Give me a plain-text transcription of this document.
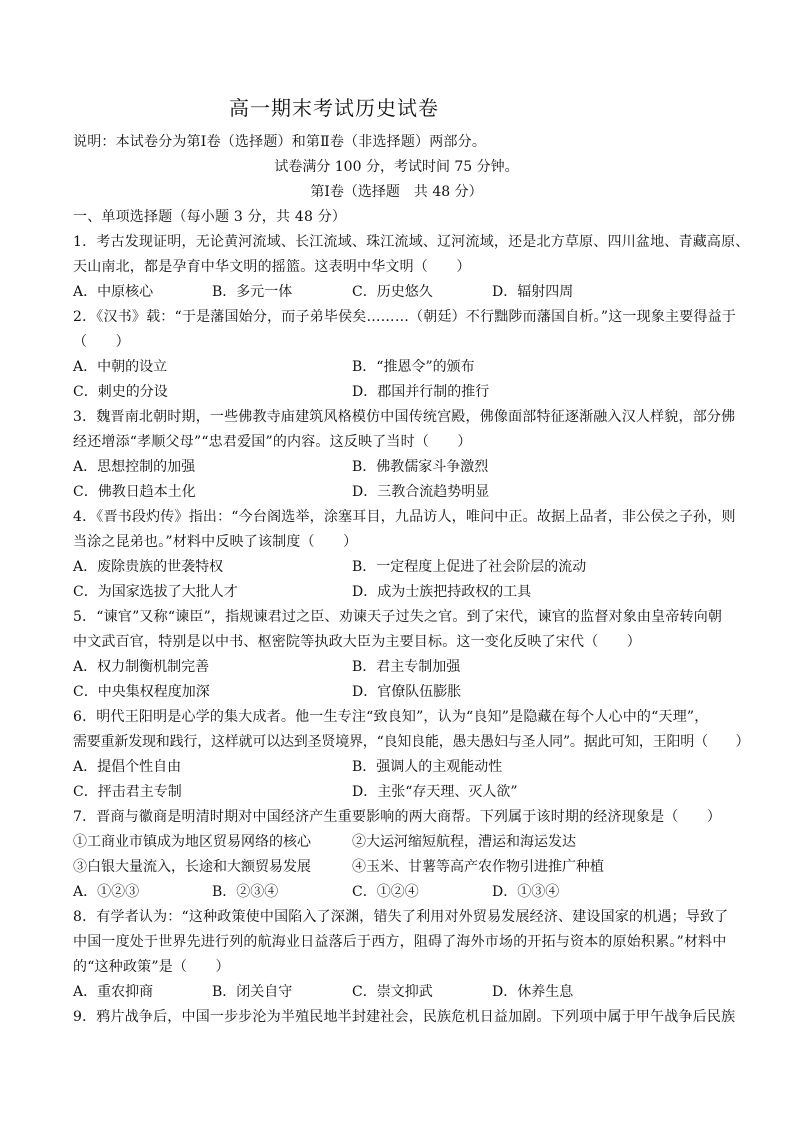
高一期末考试历史试卷
说明：本试卷分为第Ⅰ卷（选择题）和第Ⅱ卷（非选择题）两部分。
试卷满分 100 分，考试时间 75 分钟。
第Ⅰ卷（选择题　共 48 分）
一、单项选择题（每小题 3 分，共 48 分）
1．考古发现证明，无论黄河流域、长江流域、珠江流域、辽河流域，还是北方草原、四川盆地、青藏高原、
天山南北，都是孕育中华文明的摇篮。这表明中华文明（　　）
A．中原核心	B．多元一体	C．历史悠久	D．辐射四周
2．《汉书》载：“于是藩国始分，而子弟毕侯矣………（朝廷）不行黜陟而藩国自析。”这一现象主要得益于
（　　）
A．中朝的设立	B．“推恩令”的颁布
C．刺史的分设	D．郡国并行制的推行
3．魏晋南北朝时期，一些佛教寺庙建筑风格模仿中国传统宫殿，佛像面部特征逐渐融入汉人样貌，部分佛
经还增添“孝顺父母”“忠君爱国”的内容。这反映了当时（　　）
A．思想控制的加强	B．佛教儒家斗争激烈
C．佛教日趋本土化	D．三教合流趋势明显
4．《晋书段灼传》指出：“今台阁选举，涂塞耳目，九品访人，唯问中正。故据上品者，非公侯之子孙，则
当涂之昆弟也。”材料中反映了该制度（　　）
A．废除贵族的世袭特权	B．一定程度上促进了社会阶层的流动
C．为国家选拔了大批人才	D．成为士族把持政权的工具
5．“谏官”又称“谏臣”，指规谏君过之臣、劝谏天子过失之官。到了宋代，谏官的监督对象由皇帝转向朝
中文武百官，特别是以中书、枢密院等执政大臣为主要目标。这一变化反映了宋代（　　）
A．权力制衡机制完善	B．君主专制加强
C．中央集权程度加深	D．官僚队伍膨胀
6．明代王阳明是心学的集大成者。他一生专注“致良知”，认为“良知”是隐藏在每个人心中的“天理”，
需要重新发现和践行，这样就可以达到圣贤境界，“良知良能，愚夫愚妇与圣人同”。据此可知，王阳明（　　）
A．提倡个性自由	B．强调人的主观能动性
C．抨击君主专制	D．主张“存天理、灭人欲”
7．晋商与徽商是明清时期对中国经济产生重要影响的两大商帮。下列属于该时期的经济现象是（　　）
①工商业市镇成为地区贸易网络的核心	②大运河缩短航程，漕运和海运发达
③白银大量流入，长途和大额贸易发展	④玉米、甘薯等高产农作物引进推广种植
A．①②③	B．②③④	C．①②④	D．①③④
8．有学者认为：“这种政策使中国陷入了深渊，错失了利用对外贸易发展经济、建设国家的机遇；导致了
中国一度处于世界先进行列的航海业日益落后于西方，阻碍了海外市场的开拓与资本的原始积累。”材料中
的“这种政策”是（　　）
A．重农抑商	B．闭关自守	C．崇文抑武	D．休养生息
9．鸦片战争后，中国一步步沦为半殖民地半封建社会，民族危机日益加剧。下列项中属于甲午战争后民族
